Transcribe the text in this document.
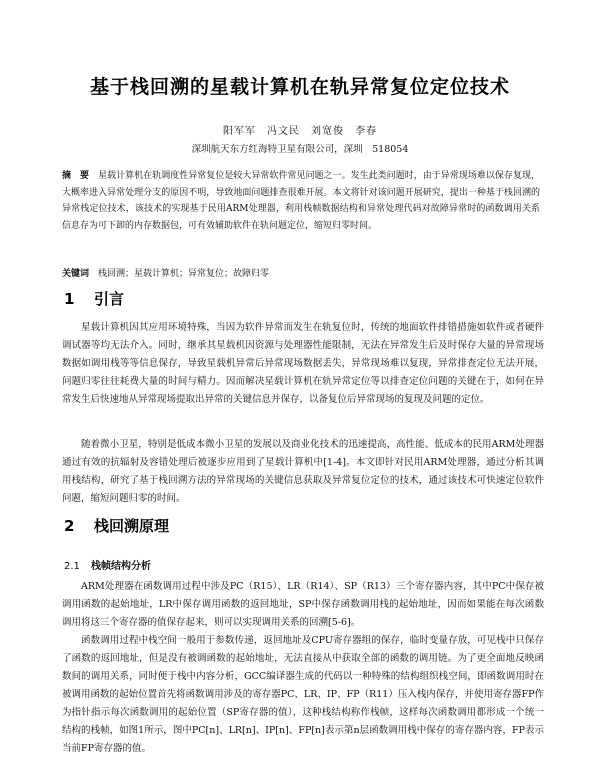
基于栈回溯的星载计算机在轨异常复位定位技术
阳军军　冯文民　刘宽俊　李春
深圳航天东方红海特卫星有限公司，深圳　518054
摘　要　 星载计算机在轨调度性异常复位是较大异常软件常见问题之一。发生此类问题时，由于异常现场难以保存复现，大概率进入异常处理分支的原因不明，导致地面问题排查很难开展。本文将针对该问题开展研究，提出一种基于栈回溯的异常栈定位技术，该技术的实现基于民用ARM处理器，利用栈帧数据结构和异常处理代码对故障异常时的函数调用关系信息存为可下卸的内存数据包，可有效辅助软件在轨问题定位，缩短归零时间。
关键词　 栈回溯；星载计算机；异常复位；故障归零
1 引言

星载计算机因其应用环境特殊，当因为软件异常而发生在轨复位时，传统的地面软件排错措施如软件或者硬件调试器等均无法介入。同时，继承其星载机因资源与处理器性能限制，无法在异常发生后及时保存大量的异常现场数据如调用栈等等信息保存，导致星载机异常后异常现场数据丢失，异常现场难以复现，异常排查定位无法开展，问题归零往往耗费大量的时间与精力。因而解决星载计算机在轨异常定位等以排查定位问题的关键在于，如何在异常发生后快速地从异常现场提取出异常的关键信息并保存，以备复位后异常现场的复现及问题的定位。

随着微小卫星，特别是低成本微小卫星的发展以及商业化技术的迅速提高，高性能、低成本的民用ARM处理器通过有效的抗辐射及容错处理后被逐步应用到了星载计算机中[1-4]。本文即针对民用ARM处理器，通过分析其调用栈结构，研究了基于栈回溯方法的异常现场的关键信息获取及异常复位定位的技术，通过该技术可快速定位软件问题，缩短问题归零的时间。

2 栈回溯原理
2.1 栈帧结构分析

ARM处理器在函数调用过程中涉及PC（R15）、LR（R14）、SP（R13）三个寄存器内容，其中PC中保存被调用函数的起始地址，LR中保存调用函数的返回地址，SP中保存函数调用栈的起始地址，因而如果能在每次函数调用将这三个寄存器的值保存起来，则可以实现调用关系的回溯[5-6]。

函数调用过程中栈空间一般用于参数传递，返回地址及CPU寄存器组的保存，临时变量存放，可见栈中只保存了函数的返回地址，但是没有被调函数的起始地址，无法直接从中获取全部的函数的调用链。为了更全面地反映函数间的调用关系，同时便于栈中内容分析，GCC编译器生成的代码以一种特殊的结构组织栈空间，即函数调用时在被调用函数的起始位置首先将函数调用涉及的寄存器PC、LR、IP、FP（R11）压入栈内保存，并使用寄存器FP作为指针指示每次函数调用的起始位置（SP寄存器的值），这种栈结构称作栈帧，这样每次函数调用都形成一个统一结构的栈帧，如图1所示，图中PC[n]、LR[n]、IP[n]、FP[n]表示第n层函数调用栈中保存的寄存器内容，FP表示当前FP寄存器的值。
